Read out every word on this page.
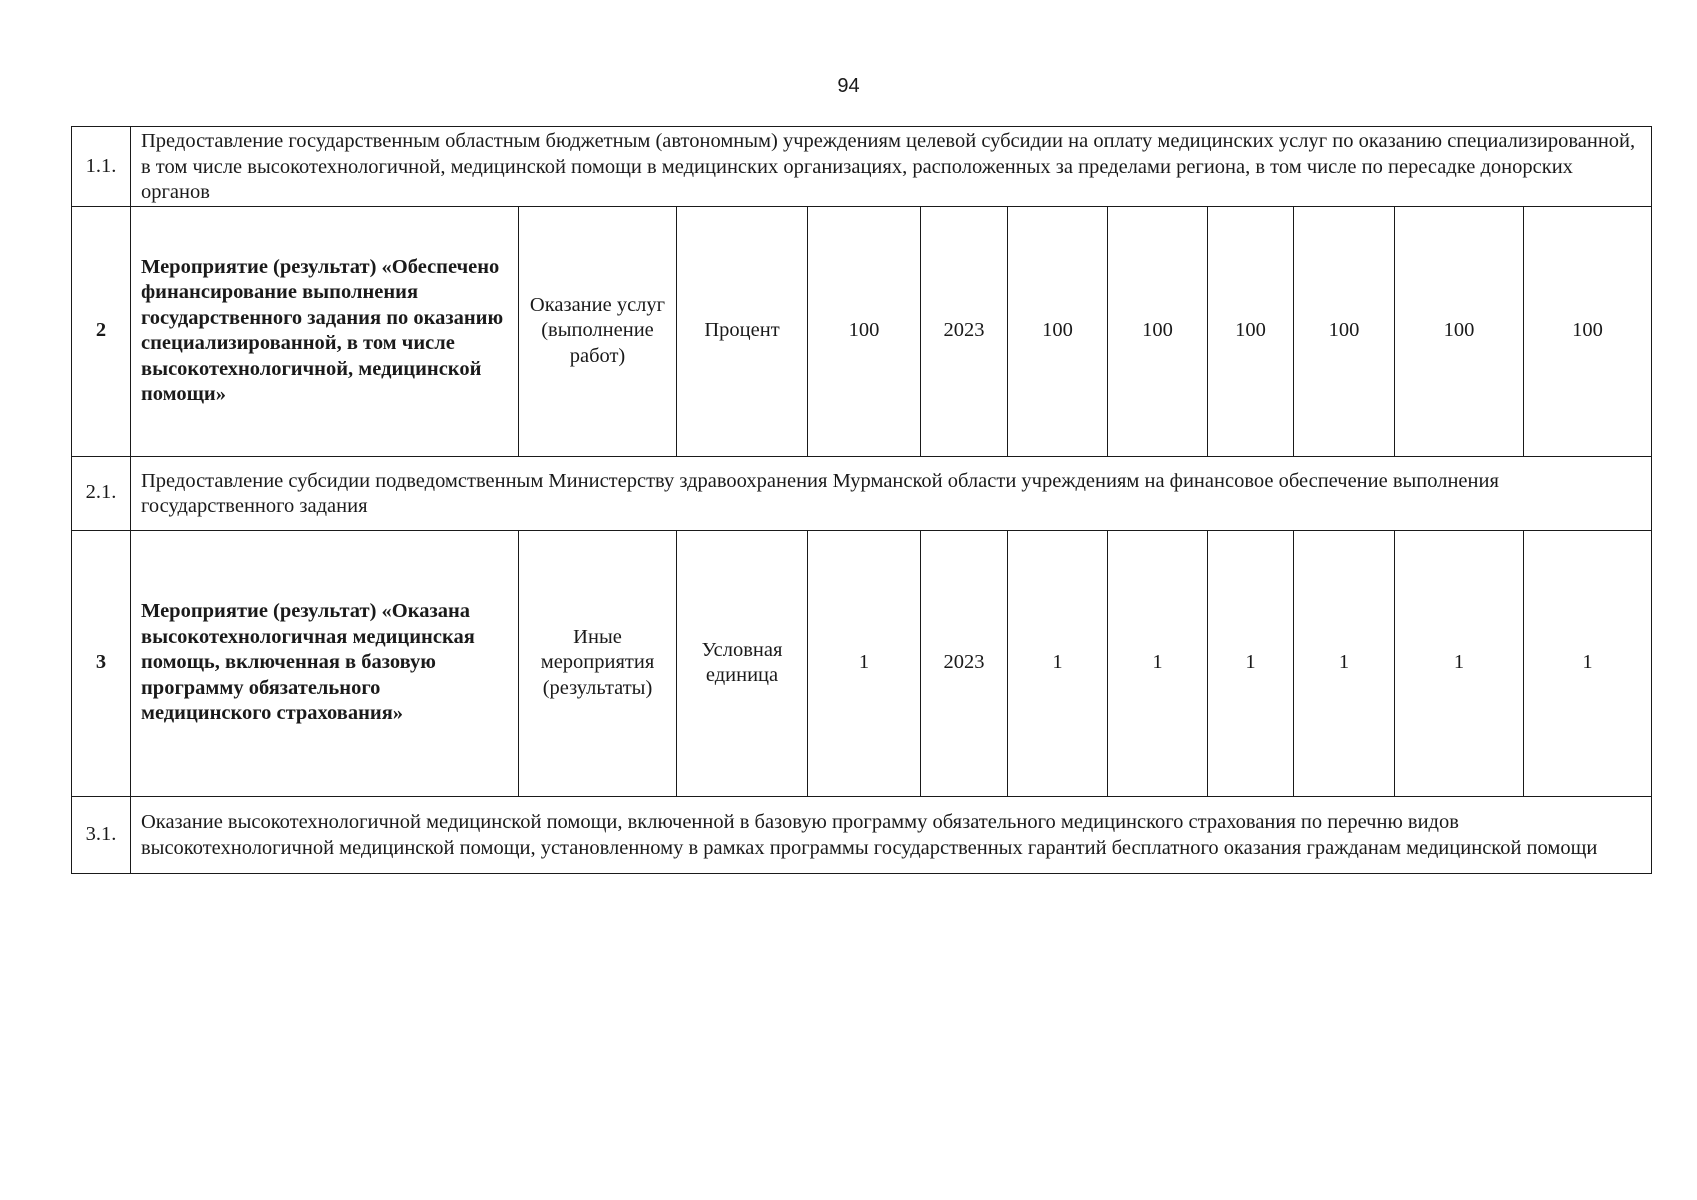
94
1.1.	Предоставление государственным областным бюджетным (автономным) учреждениям целевой субсидии на оплату медицинских услуг по оказанию специализированной, в том числе высокотехнологичной, медицинской помощи в медицинских организациях, расположенных за пределами региона, в том числе по пересадке донорских органов										
2	Мероприятие (результат) «Обеспечено финансирование выполнения государственного задания по оказанию специализированной, в том числе высокотехнологичной, медицинской помощи»	Оказание услуг (выполнение работ)	Процент	100	2023	100	100	100	100	100	100
2.1.	Предоставление субсидии подведомственным Министерству здравоохранения Мурманской области учреждениям на финансовое обеспечение выполнения государственного задания										
3	Мероприятие (результат) «Оказана высокотехнологичная медицинская помощь, включенная в базовую программу обязательного медицинского страхования»	Иные мероприятия (результаты)	Условная единица	1	2023	1	1	1	1	1	1
3.1.	Оказание высокотехнологичной медицинской помощи, включенной в базовую программу обязательного медицинского страхования по перечню видов высокотехнологичной медицинской помощи, установленному в рамках программы государственных гарантий бесплатного оказания гражданам медицинской помощи										
